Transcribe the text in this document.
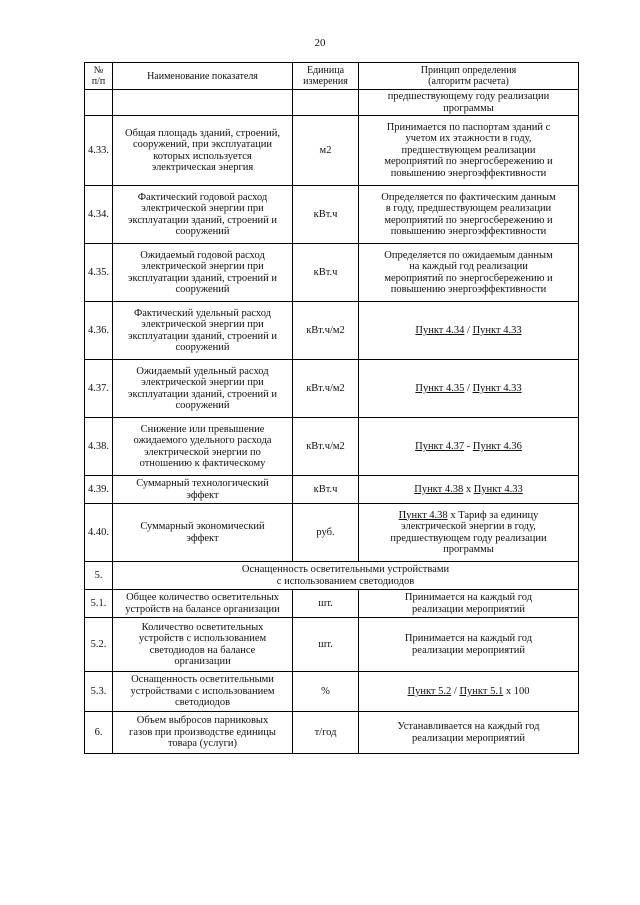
20
№
п/п	Наименование показателя	Единица
измерения	Принцип определения
(алгоритм расчета)
			предшествующему году реализации
программы
4.33.	Общая площадь зданий, строений,
сооружений, при эксплуатации
которых используется
электрическая энергия	м2	Принимается по паспортам зданий с
учетом их этажности в году,
предшествующем реализации
мероприятий по энергосбережению и
повышению энергоэффективности
4.34.	Фактический годовой расход
электрической энергии при
эксплуатации зданий, строений и
сооружений	кВт.ч	Определяется по фактическим данным
в году, предшествующем реализации
мероприятий по энергосбережению и
повышению энергоэффективности
4.35.	Ожидаемый годовой расход
электрической энергии при
эксплуатации зданий, строений и
сооружений	кВт.ч	Определяется по ожидаемым данным
на каждый год реализации
мероприятий по энергосбережению и
повышению энергоэффективности
4.36.	Фактический удельный расход
электрической энергии при
эксплуатации зданий, строений и
сооружений	кВт.ч/м2	Пункт 4.34 / Пункт 4.33
4.37.	Ожидаемый удельный расход
электрической энергии при
эксплуатации зданий, строений и
сооружений	кВт.ч/м2	Пункт 4.35 / Пункт 4.33
4.38.	Снижение или превышение
ожидаемого удельного расхода
электрической энергии по
отношению к фактическому	кВт.ч/м2	Пункт 4.37 - Пункт 4.36
4.39.	Суммарный технологический
эффект	кВт.ч	Пункт 4.38 x Пункт 4.33
4.40.	Суммарный экономический
эффект	руб.	Пункт 4.38 x Тариф за единицу
электрической энергии в году,
предшествующем году реализации
программы
5.	Оснащенность осветительными устройствами
с использованием светодиодов		
5.1.	Общее количество осветительных
устройств на балансе организации	шт.	Принимается на каждый год
реализации мероприятий
5.2.	Количество осветительных
устройств с использованием
светодиодов на балансе
организации	шт.	Принимается на каждый год
реализации мероприятий
5.3.	Оснащенность осветительными
устройствами с использованием
светодиодов	%	Пункт 5.2 / Пункт 5.1 x 100
6.	Объем выбросов парниковых
газов при производстве единицы
товара (услуги)	т/год	Устанавливается на каждый год
реализации мероприятий
